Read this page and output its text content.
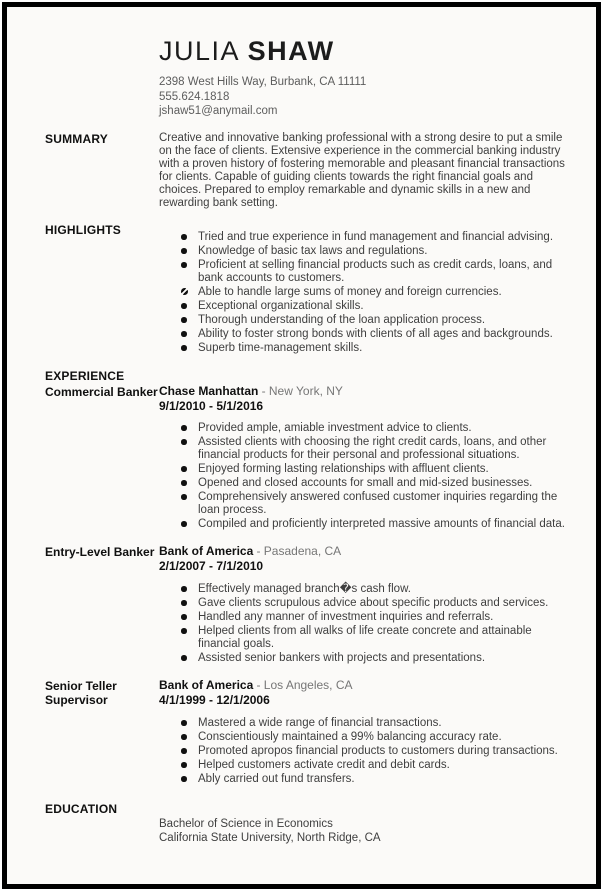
JULIA SHAW
2398 West Hills Way, Burbank, CA 11111
555.624.1818
jshaw51@anymail.com
SUMMARY	Creative and innovative banking professional with a strong desire to put a smile on the face of clients. Extensive experience in the commercial banking industry with a proven history of fostering memorable and pleasant financial transactions for clients. Capable of guiding clients towards the right financial goals and choices. Prepared to employ remarkable and dynamic skills in a new and rewarding bank setting.
HIGHLIGHTS	Tried and true experience in fund management and financial advising.
Knowledge of basic tax laws and regulations.
Proficient at selling financial products such as credit cards, loans, and bank accounts to customers.
Able to handle large sums of money and foreign currencies.
Exceptional organizational skills.
Thorough understanding of the loan application process.
Ability to foster strong bonds with clients of all ages and backgrounds.
Superb time-management skills.
EXPERIENCE
Commercial Banker Chase Manhattan - New York, NY
9/1/2010 - 5/1/2016
Provided ample, amiable investment advice to clients.
Assisted clients with choosing the right credit cards, loans, and other financial products for their personal and professional situations.
Enjoyed forming lasting relationships with affluent clients.
Opened and closed accounts for small and mid-sized businesses.
Comprehensively answered confused customer inquiries regarding the loan process.
Compiled and proficiently interpreted massive amounts of financial data.
Entry-Level Banker Bank of America - Pasadena, CA
2/1/2007 - 7/1/2010
Effectively managed branch�s cash flow.
Gave clients scrupulous advice about specific products and services.
Handled any manner of investment inquiries and referrals.
Helped clients from all walks of life create concrete and attainable financial goals.
Assisted senior bankers with projects and presentations.
Senior Teller
Supervisor
Bank of America - Los Angeles, CA
4/1/1999 - 12/1/2006
Mastered a wide range of financial transactions.
Conscientiously maintained a 99% balancing accuracy rate.
Promoted apropos financial products to customers during transactions.
Helped customers activate credit and debit cards.
Ably carried out fund transfers.
EDUCATION
Bachelor of Science in Economics
California State University, North Ridge, CA
